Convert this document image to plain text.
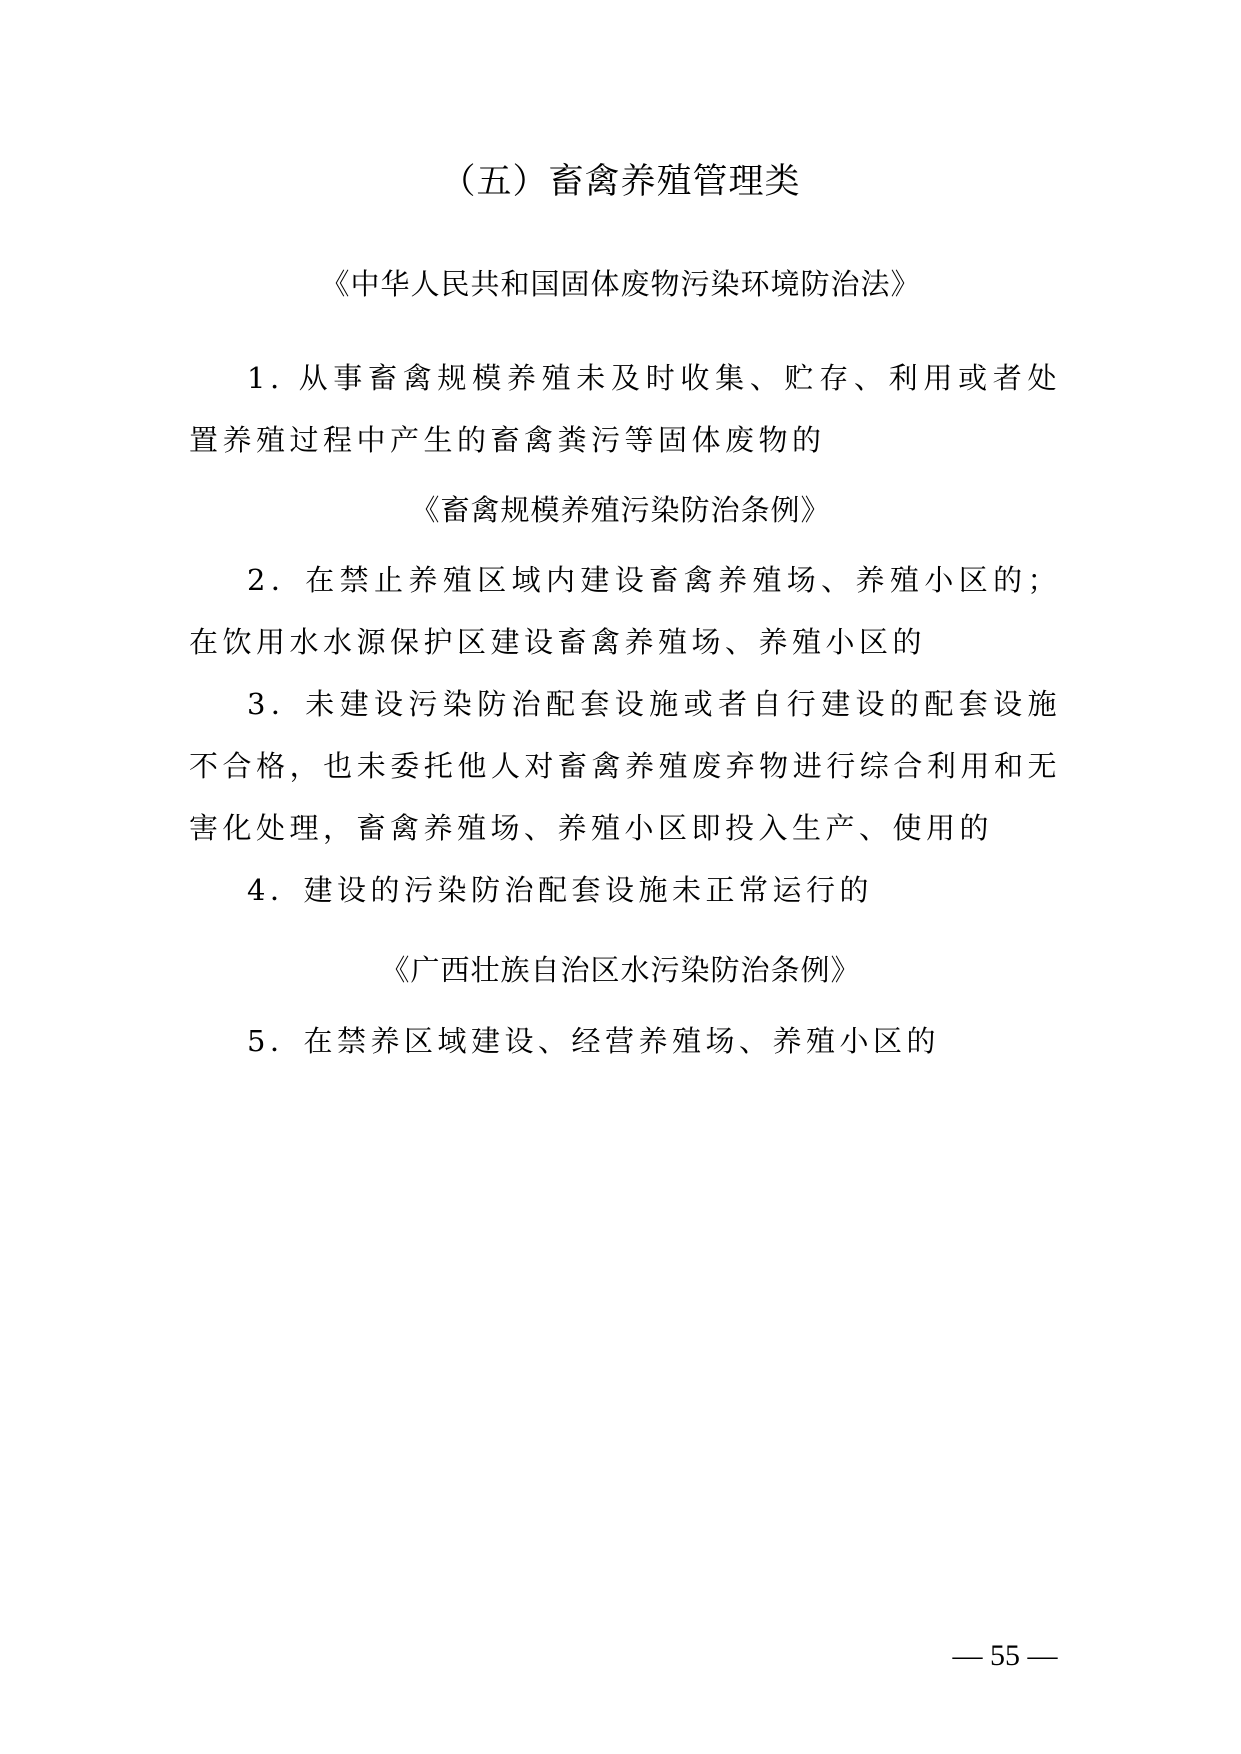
（五）畜禽养殖管理类
《中华人民共和国固体废物污染环境防治法》
1. 从事畜禽规模养殖未及时收集、贮存、利用或者处置养殖过程中产生的畜禽粪污等固体废物的
《畜禽规模养殖污染防治条例》
2．在禁止养殖区域内建设畜禽养殖场、养殖小区的；在饮用水水源保护区建设畜禽养殖场、养殖小区的
3．未建设污染防治配套设施或者自行建设的配套设施不合格，也未委托他人对畜禽养殖废弃物进行综合利用和无害化处理，畜禽养殖场、养殖小区即投入生产、使用的
4．建设的污染防治配套设施未正常运行的
《广西壮族自治区水污染防治条例》
5．在禁养区域建设、经营养殖场、养殖小区的
— 55 —
